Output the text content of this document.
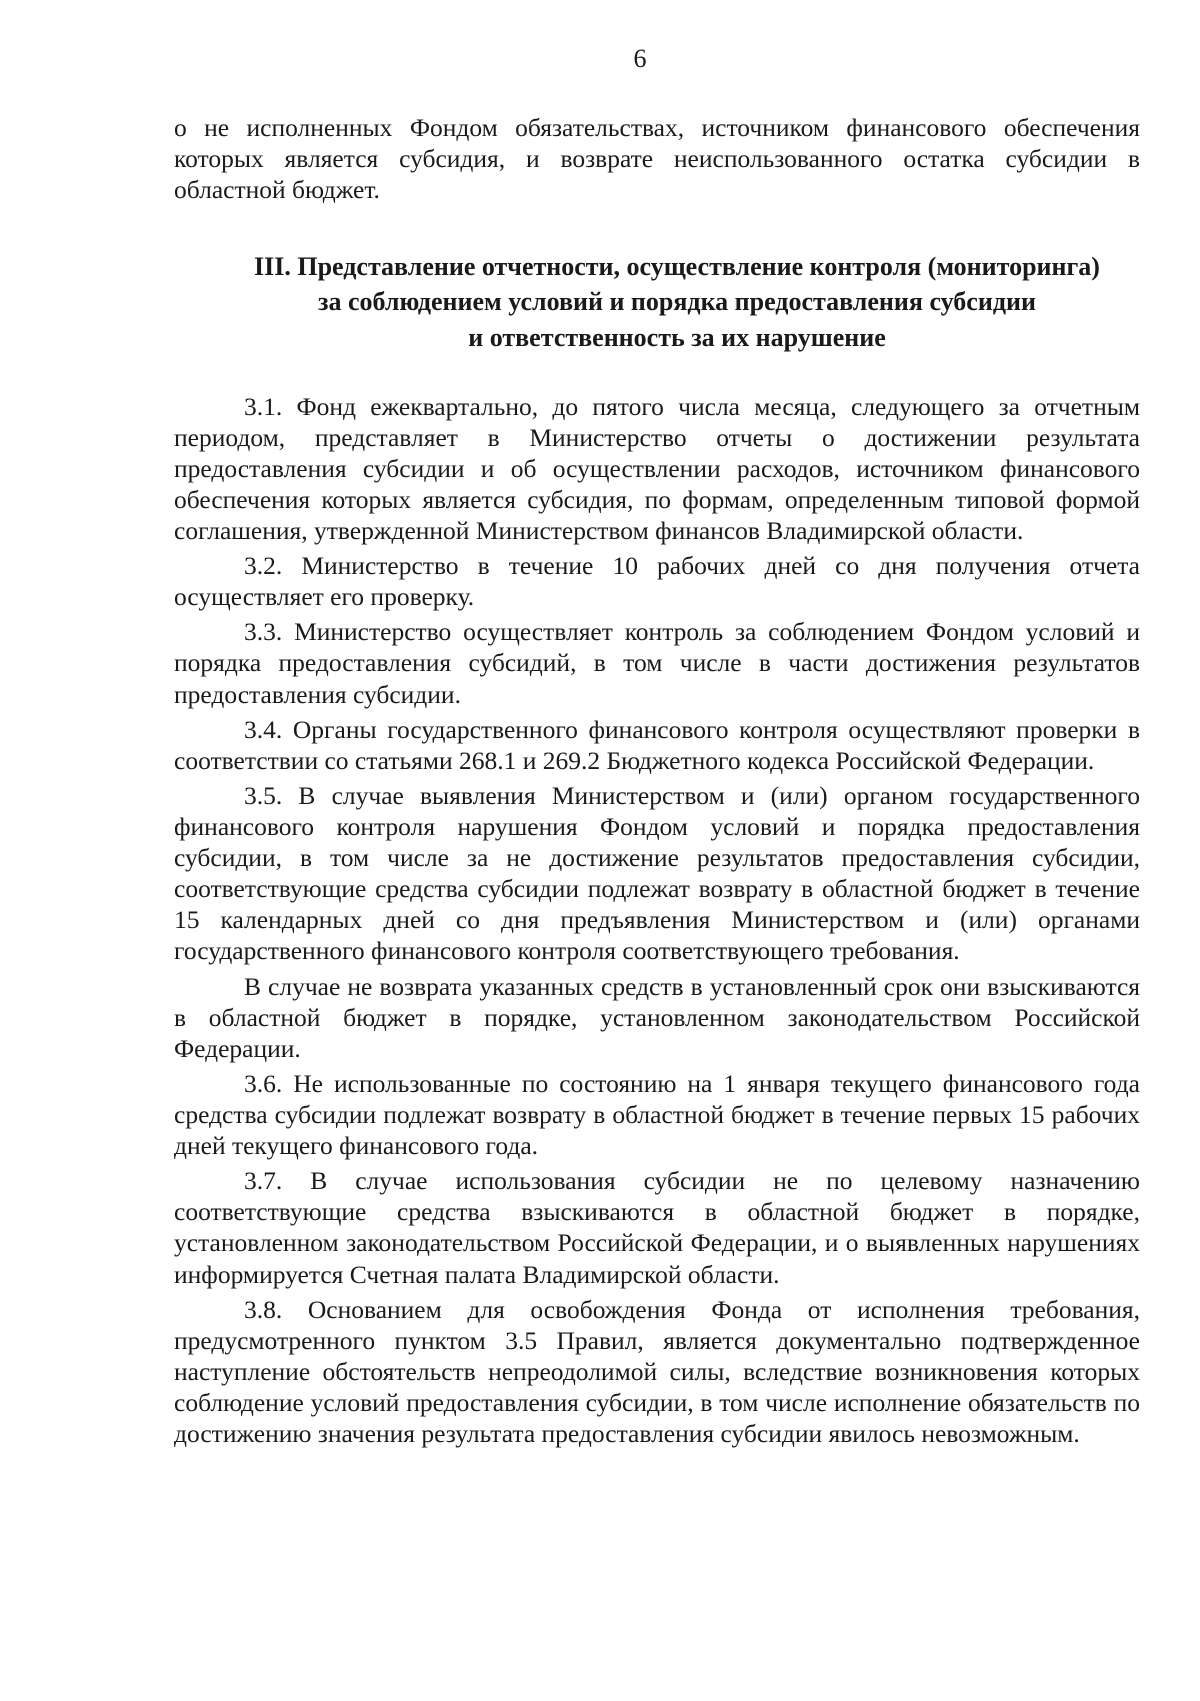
6

о не исполненных Фондом обязательствах, источником финансового обеспечения которых является субсидия, и возврате неиспользованного остатка субсидии в областной бюджет.

III. Представление отчетности, осуществление контроля (мониторинга)
за соблюдением условий и порядка предоставления субсидии
и ответственность за их нарушение

3.1. Фонд ежеквартально, до пятого числа месяца, следующего за отчетным периодом, представляет в Министерство отчеты о достижении результата предоставления субсидии и об осуществлении расходов, источником финансового обеспечения которых является субсидия, по формам, определенным типовой формой соглашения, утвержденной Министерством финансов Владимирской области.

3.2. Министерство в течение 10 рабочих дней со дня получения отчета осуществляет его проверку.

3.3. Министерство осуществляет контроль за соблюдением Фондом условий и порядка предоставления субсидий, в том числе в части достижения результатов предоставления субсидии.

3.4. Органы государственного финансового контроля осуществляют проверки в соответствии со статьями 268.1 и 269.2 Бюджетного кодекса Российской Федерации.

3.5. В случае выявления Министерством и (или) органом государственного финансового контроля нарушения Фондом условий и порядка предоставления субсидии, в том числе за не достижение результатов предоставления субсидии, соответствующие средства субсидии подлежат возврату в областной бюджет в течение 15 календарных дней со дня предъявления Министерством и (или) органами государственного финансового контроля соответствующего требования.

В случае не возврата указанных средств в установленный срок они взыскиваются в областной бюджет в порядке, установленном законодательством Российской Федерации.

3.6. Не использованные по состоянию на 1 января текущего финансового года средства субсидии подлежат возврату в областной бюджет в течение первых 15 рабочих дней текущего финансового года.

3.7. В случае использования субсидии не по целевому назначению соответствующие средства взыскиваются в областной бюджет в порядке, установленном законодательством Российской Федерации, и о выявленных нарушениях информируется Счетная палата Владимирской области.

3.8. Основанием для освобождения Фонда от исполнения требования, предусмотренного пунктом 3.5 Правил, является документально подтвержденное наступление обстоятельств непреодолимой силы, вследствие возникновения которых соблюдение условий предоставления субсидии, в том числе исполнение обязательств по достижению значения результата предоставления субсидии явилось невозможным.
